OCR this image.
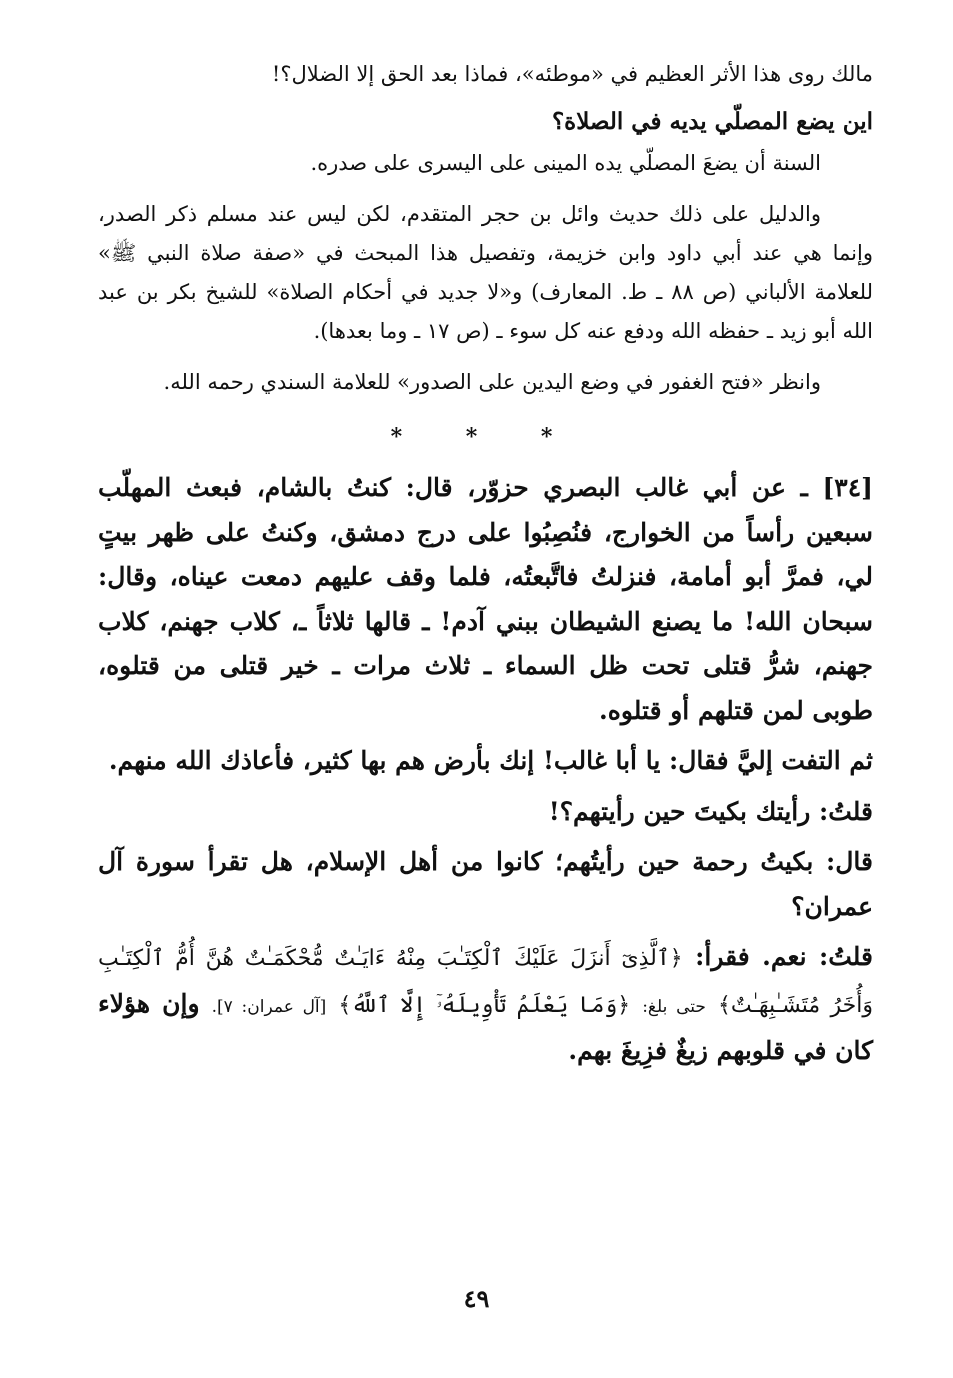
مالك روى هذا الأثر العظيم في «موطئه»، فماذا بعد الحق إلا الضلال؟!

اين يضع المصلّي يديه في الصلاة؟

السنة أن يضعَ المصلّي يده المينى على اليسرى على صدره.

والدليل على ذلك حديث وائل بن حجر المتقدم، لكن ليس عند مسلم ذكر الصدر، وإنما هي عند أبي داود وابن خزيمة، وتفصيل هذا المبحث في «صفة صلاة النبي ﷺ» للعلامة الألباني (ص ٨٨ ـ ط. المعارف) و«لا جديد في أحكام الصلاة» للشيخ بكر بن عبد الله أبو زيد ـ حفظه الله ودفع عنه كل سوء ـ (ص ١٧ ـ وما بعدها).

وانظر «فتح الغفور في وضع اليدين على الصدور» للعلامة السندي رحمه الله.

* * *

[٣٤] ـ عن أبي غالب البصري حزوّر، قال: كنتُ بالشام، فبعث المهلّب سبعين رأساً من الخوارج، فنُصِبُوا على درج دمشق، وكنتُ على ظهر بيتٍ لي، فمرَّ أبو أمامة، فنزلتُ فاتَّبعتُه، فلما وقف عليهم دمعت عيناه، وقال: سبحان الله! ما يصنع الشيطان ببني آدم! ـ قالها ثلاثاً ـ، كلاب جهنم، كلاب جهنم، شرُّ قتلى تحت ظل السماء ـ ثلاث مرات ـ خير قتلى من قتلوه، طوبى لمن قتلهم أو قتلوه.

ثم التفت إليَّ فقال: يا أبا غالب! إنك بأرض هم بها كثير، فأعاذك الله منهم.

قلتُ: رأيتك بكيتَ حين رأيتهم؟!

قال: بكيتُ رحمة حين رأيتُهم؛ كانوا من أهل الإسلام، هل تقرأ سورة آل عمران؟

قلتُ: نعم. فقرأ: ﴿ٱلَّذِىٓ أَنزَلَ عَلَيْكَ ٱلْكِتَـٰبَ مِنْهُ ءَايَـٰتٌ مُّحْكَمَـٰتٌ هُنَّ أُمُّ ٱلْكِتَـٰبِ وَأُخَرُ مُتَشَـٰبِهَـٰتٌ﴾ حتى بلغ: ﴿وَمَا يَعْلَمُ تَأْوِيلَهُۥٓ إِلَّا ٱللَّهُ﴾ [آل عمران: ٧]. وإن هؤلاء كان في قلوبهم زيغٌ فزِيغَ بهم.

٤٩
